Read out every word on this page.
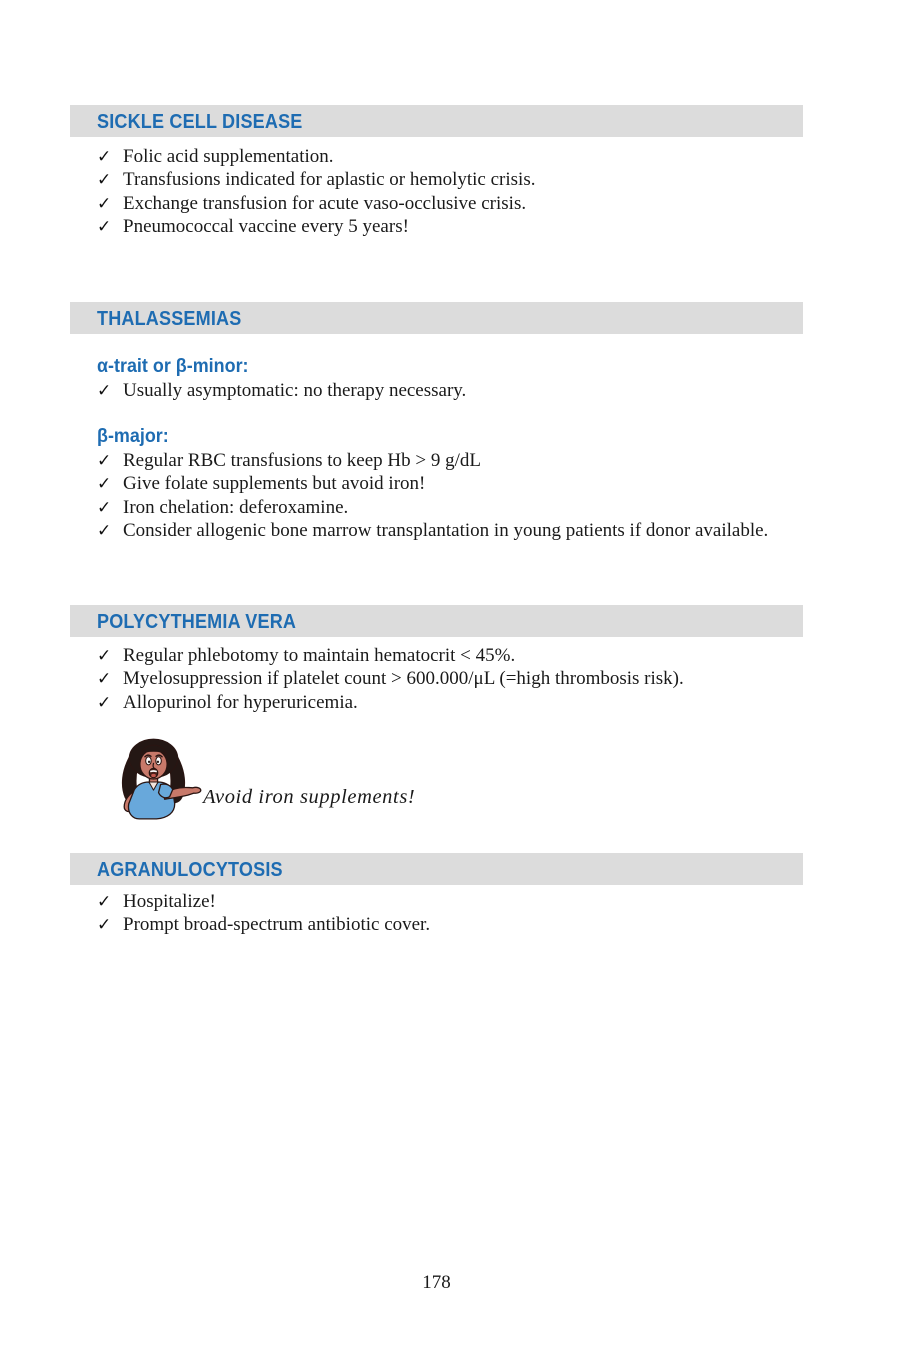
SICKLE CELL DISEASE
✓ Folic acid supplementation.
✓ Transfusions indicated for aplastic or hemolytic crisis.
✓ Exchange transfusion for acute vaso-occlusive crisis.
✓ Pneumococcal vaccine every 5 years!
THALASSEMIAS
α-trait or β-minor:
✓ Usually asymptomatic: no therapy necessary.
β-major:
✓ Regular RBC transfusions to keep Hb > 9 g/dL
✓ Give folate supplements but avoid iron!
✓ Iron chelation: deferoxamine.
✓ Consider allogenic bone marrow transplantation in young patients if donor available.
POLYCYTHEMIA VERA
✓ Regular phlebotomy to maintain hematocrit < 45%.
✓ Myelosuppression if platelet count > 600.000/μL (=high thrombosis risk).
✓ Allopurinol for hyperuricemia.
Avoid iron supplements!
AGRANULOCYTOSIS
✓ Hospitalize!
✓ Prompt broad-spectrum antibiotic cover.
178
